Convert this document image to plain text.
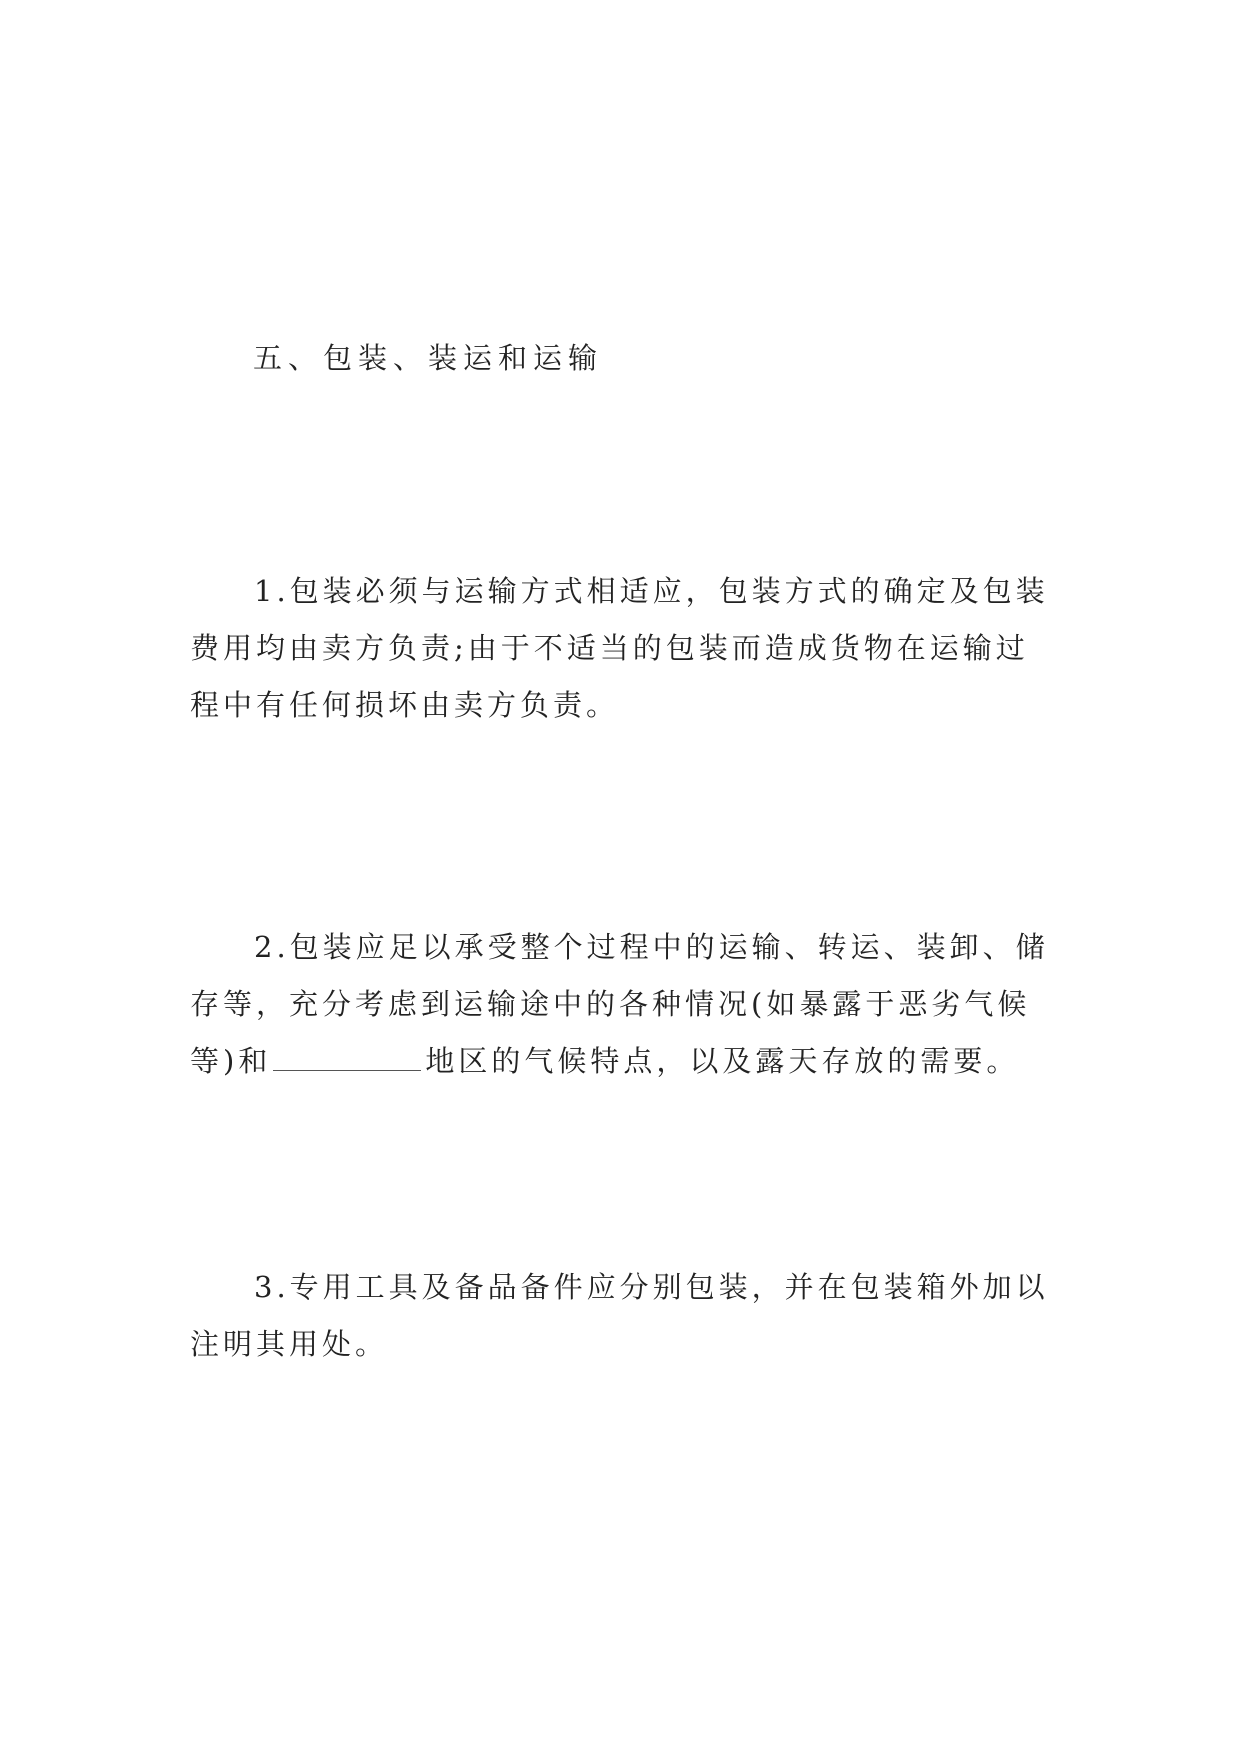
五、包装、装运和运输
1.包装必须与运输方式相适应，包装方式的确定及包装
费用均由卖方负责;由于不适当的包装而造成货物在运输过
程中有任何损坏由卖方负责。
2.包装应足以承受整个过程中的运输、转运、装卸、储
存等，充分考虑到运输途中的各种情况(如暴露于恶劣气候
等)和	地区的气候特点，以及露天存放的需要。
3.专用工具及备品备件应分别包装，并在包装箱外加以
注明其用处。
